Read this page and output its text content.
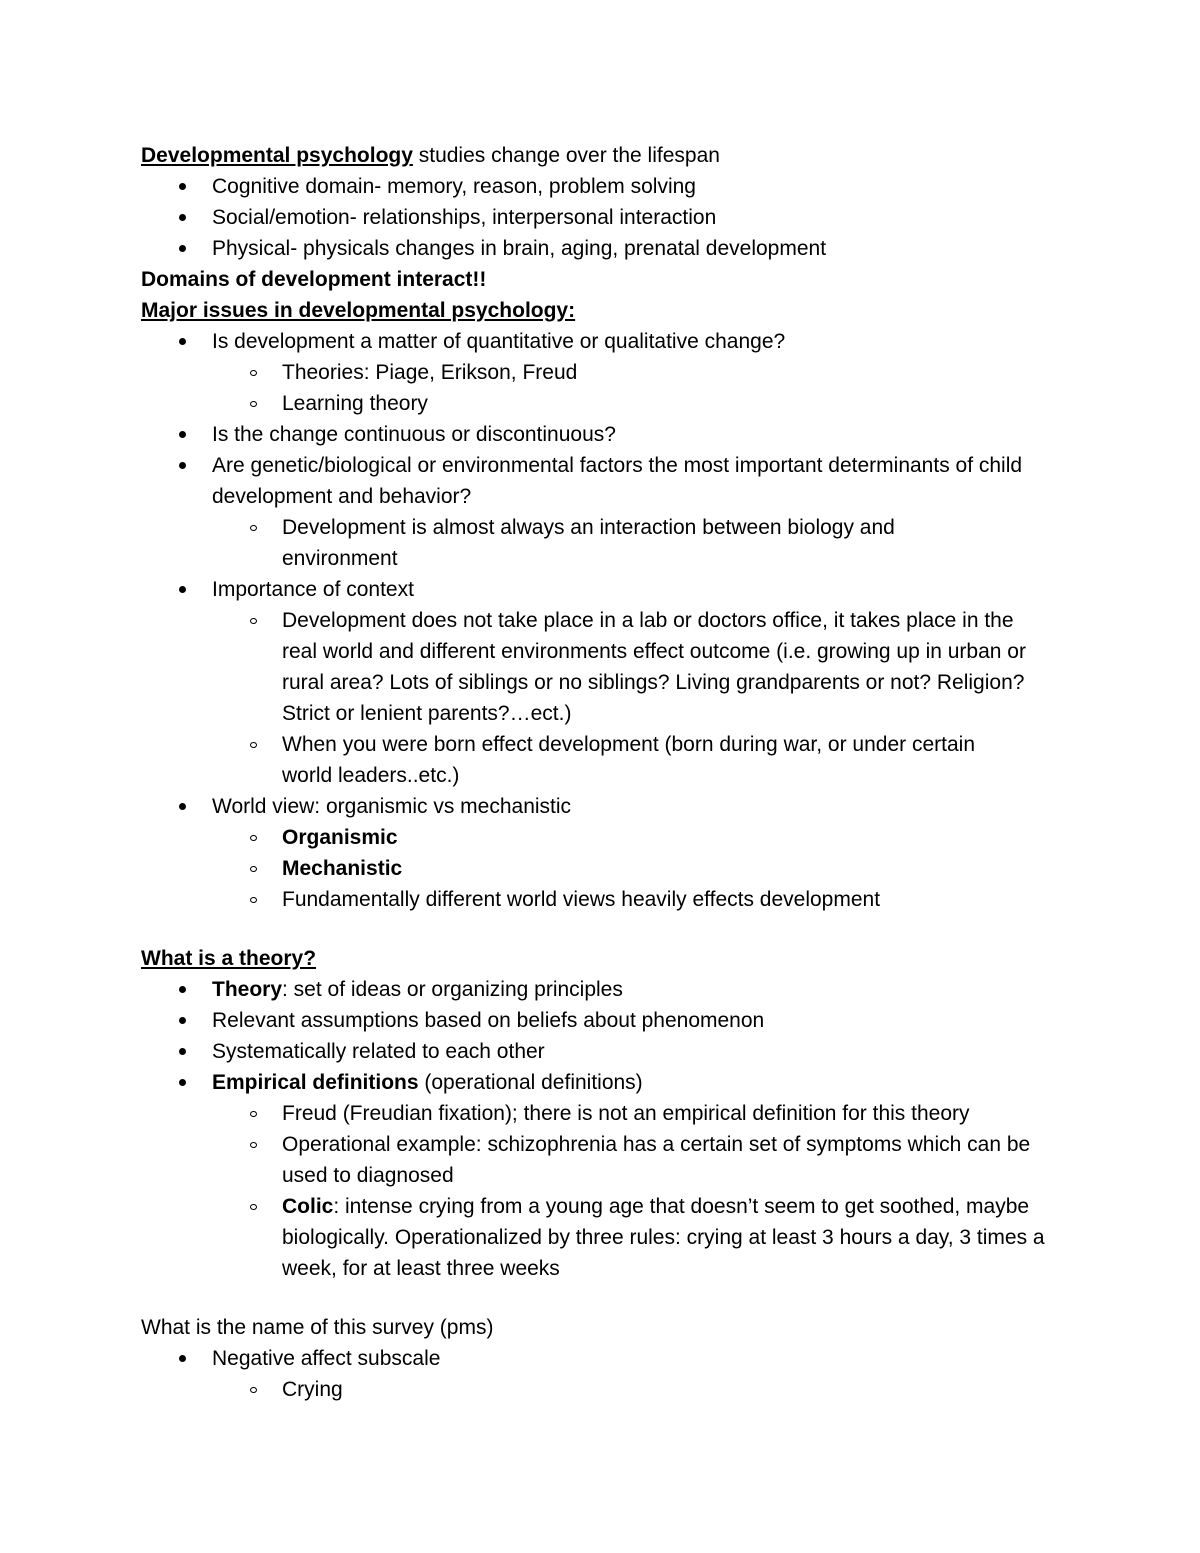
Developmental psychology studies change over the lifespan

Cognitive domain- memory, reason, problem solving

Social/emotion- relationships, interpersonal interaction

Physical- physicals changes in brain, aging, prenatal development

Domains of development interact!!

Major issues in developmental psychology:

Is development a matter of quantitative or qualitative change?

Theories: Piage, Erikson, Freud

Learning theory

Is the change continuous or discontinuous?

Are genetic/biological or environmental factors the most important determinants of child development and behavior?

Development is almost always an interaction between biology and environment

Importance of context

Development does not take place in a lab or doctors office, it takes place in the real world and different environments effect outcome (i.e. growing up in urban or rural area? Lots of siblings or no siblings? Living grandparents or not? Religion? Strict or lenient parents?…ect.)

When you were born effect development (born during war, or under certain world leaders..etc.)

World view: organismic vs mechanistic

Organismic

Mechanistic

Fundamentally different world views heavily effects development

What is a theory?

Theory: set of ideas or organizing principles

Relevant assumptions based on beliefs about phenomenon

Systematically related to each other

Empirical definitions (operational definitions)

Freud (Freudian fixation); there is not an empirical definition for this theory

Operational example: schizophrenia has a certain set of symptoms which can be used to diagnosed

Colic: intense crying from a young age that doesn’t seem to get soothed, maybe biologically. Operationalized by three rules: crying at least 3 hours a day, 3 times a week, for at least three weeks

What is the name of this survey (pms)

Negative affect subscale

Crying
